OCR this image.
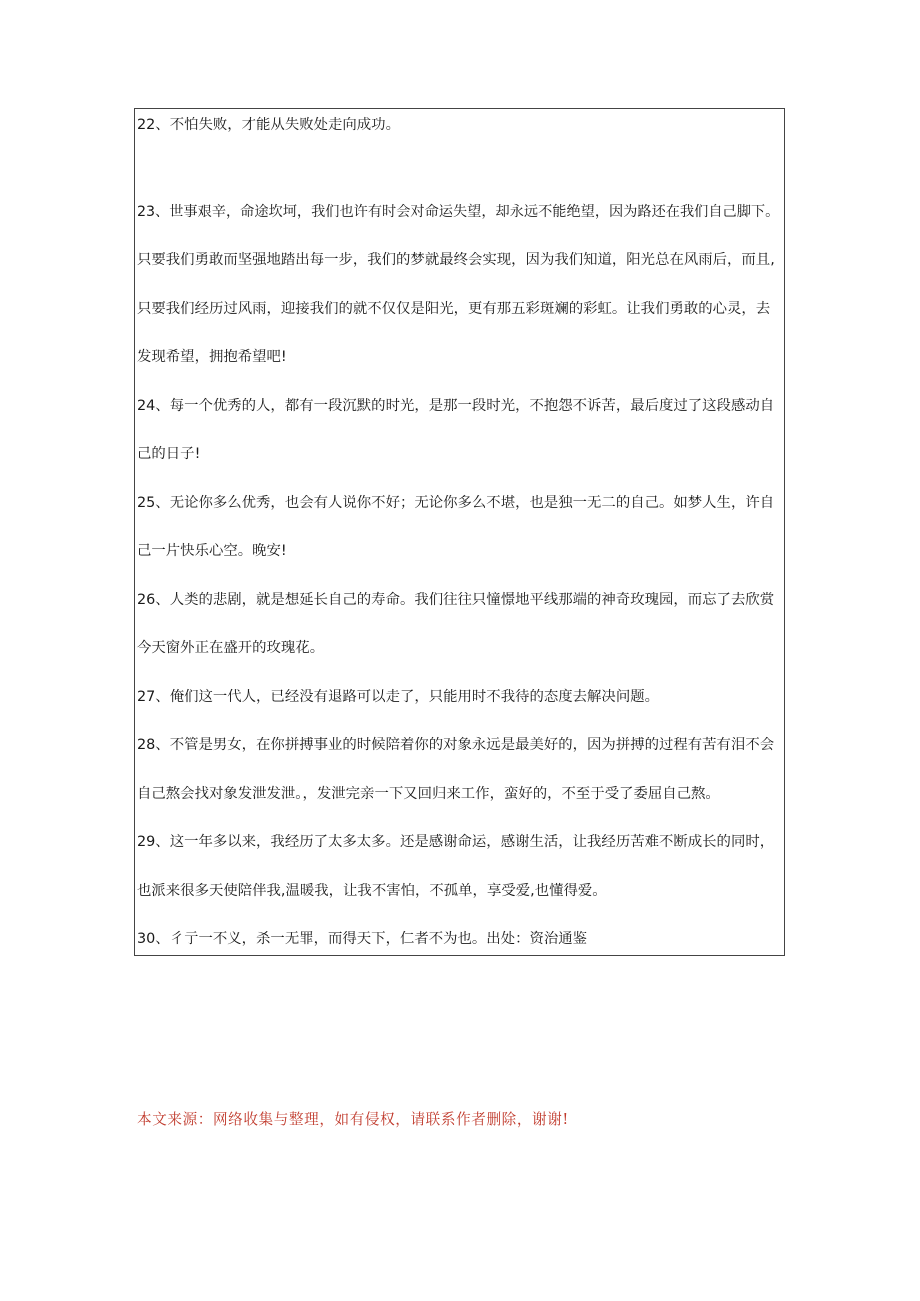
22、不怕失败，才能从失败处走向成功。
23、世事艰辛，命途坎坷，我们也许有时会对命运失望，却永远不能绝望，因为路还在我们自己脚下。
只要我们勇敢而坚强地踏出每一步，我们的梦就最终会实现，因为我们知道，阳光总在风雨后，而且,
只要我们经历过风雨，迎接我们的就不仅仅是阳光，更有那五彩斑斓的彩虹。让我们勇敢的心灵，去
发现希望，拥抱希望吧!
24、每一个优秀的人，都有一段沉默的时光，是那一段时光，不抱怨不诉苦，最后度过了这段感动自
己的日子!
25、无论你多么优秀，也会有人说你不好；无论你多么不堪，也是独一无二的自己。如梦人生，许自
己一片快乐心空。晚安!
26、人类的悲剧，就是想延长自己的寿命。我们往往只憧憬地平线那端的神奇玫瑰园，而忘了去欣赏
今天窗外正在盛开的玫瑰花。
27、俺们这一代人，已经没有退路可以走了，只能用时不我待的态度去解决问题。
28、不管是男女，在你拼搏事业的时候陪着你的对象永远是最美好的，因为拼搏的过程有苦有泪不会
自己熬会找对象发泄发泄。，发泄完亲一下又回归来工作，蛮好的，不至于受了委屈自己熬。
29、这一年多以来，我经历了太多太多。还是感谢命运，感谢生活，让我经历苦难不断成长的同时，
也派来很多天使陪伴我,温暖我，让我不害怕，不孤单，享受爱,也懂得爱。
30、彳亍一不义，杀一无罪，而得天下，仁者不为也。出处：资治通鉴
本文来源：网络收集与整理，如有侵权，请联系作者删除，谢谢!
